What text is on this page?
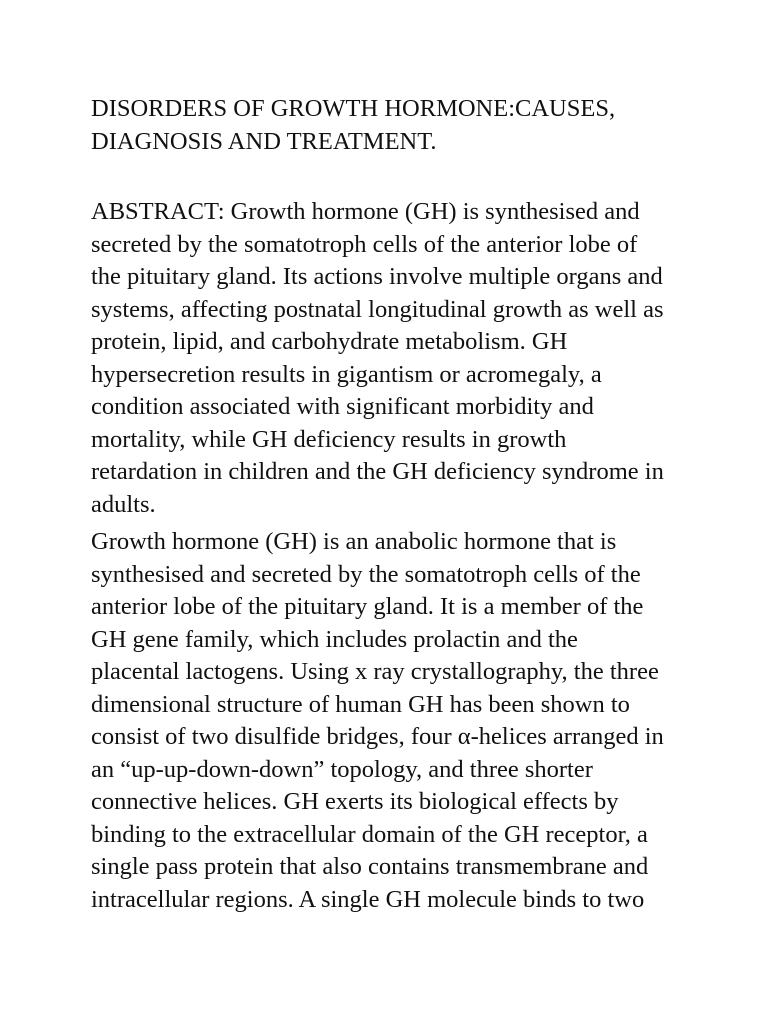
DISORDERS OF GROWTH HORMONE:CAUSES,
DIAGNOSIS AND TREATMENT.
ABSTRACT: Growth hormone (GH) is synthesised and
secreted by the somatotroph cells of the anterior lobe of
the pituitary gland. Its actions involve multiple organs and
systems, affecting postnatal longitudinal growth as well as
protein, lipid, and carbohydrate metabolism. GH
hypersecretion results in gigantism or acromegaly, a
condition associated with significant morbidity and
mortality, while GH deficiency results in growth
retardation in children and the GH deficiency syndrome in
adults.
Growth hormone (GH) is an anabolic hormone that is
synthesised and secreted by the somatotroph cells of the
anterior lobe of the pituitary gland. It is a member of the
GH gene family, which includes prolactin and the
placental lactogens. Using x ray crystallography, the three
dimensional structure of human GH has been shown to
consist of two disulfide bridges, four α-helices arranged in
an “up-up-down-down” topology, and three shorter
connective helices. GH exerts its biological effects by
binding to the extracellular domain of the GH receptor, a
single pass protein that also contains transmembrane and
intracellular regions. A single GH molecule binds to two
